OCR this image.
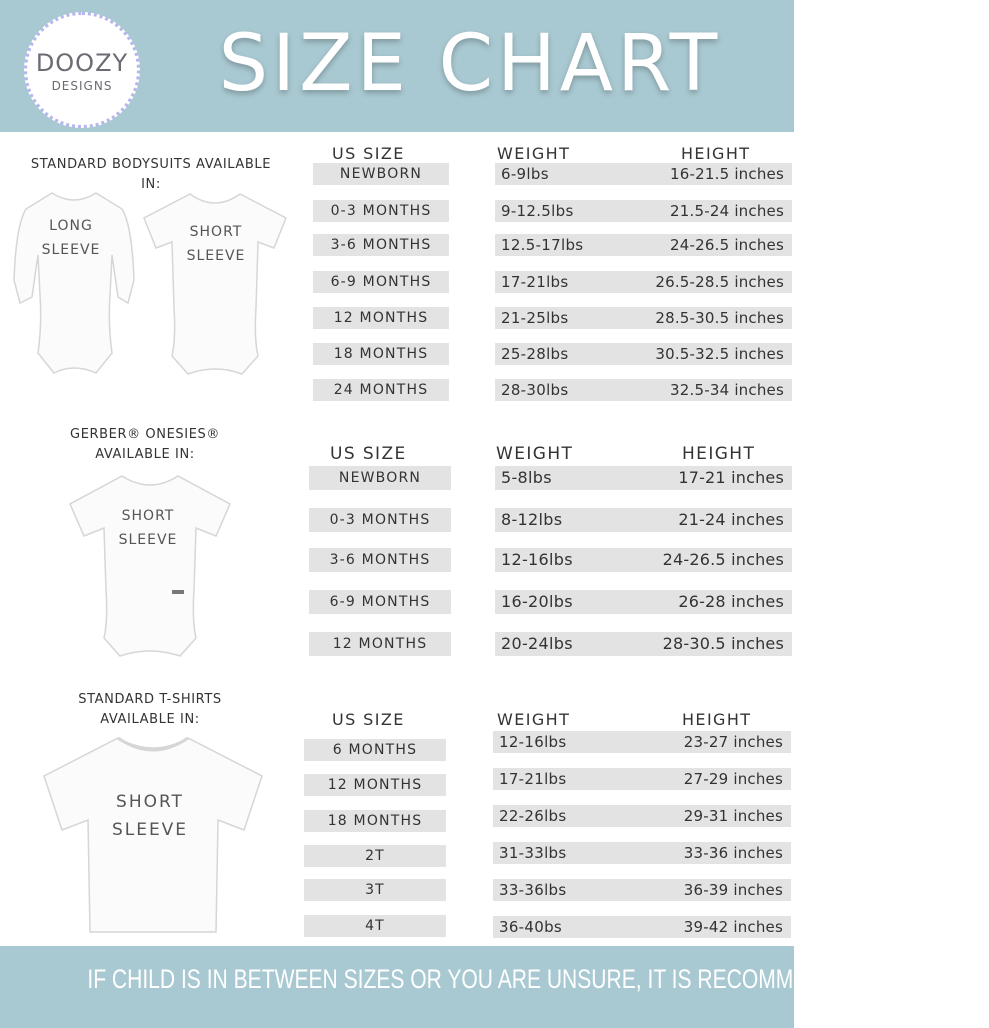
DOOZY
DESIGNS	SIZE CHART
STANDARD BODYSUITS AVAILABLE IN:
LONG
SLEEVE
SHORT
SLEEVE
US SIZE	WEIGHT	HEIGHT
NEWBORN	6-9lbs	16-21.5 inches
0-3 MONTHS	9-12.5lbs	21.5-24 inches
3-6 MONTHS	12.5-17lbs	24-26.5 inches
6-9 MONTHS	17-21lbs	26.5-28.5 inches
12 MONTHS	21-25lbs	28.5-30.5 inches
18 MONTHS	25-28lbs	30.5-32.5 inches
24 MONTHS	28-30lbs	32.5-34 inches
GERBER® ONESIES®
AVAILABLE IN:
SHORT
SLEEVE
US SIZE	WEIGHT	HEIGHT
NEWBORN	5-8lbs	17-21 inches
0-3 MONTHS	8-12lbs	21-24 inches
3-6 MONTHS	12-16lbs	24-26.5 inches
6-9 MONTHS	16-20lbs	26-28 inches
12 MONTHS	20-24lbs	28-30.5 inches
STANDARD T-SHIRTS
AVAILABLE IN:
SHORT
SLEEVE
US SIZE	WEIGHT	HEIGHT
6 MONTHS	12-16lbs	23-27 inches
12 MONTHS	17-21lbs	27-29 inches
18 MONTHS	22-26lbs	29-31 inches
2T	31-33lbs	33-36 inches
3T	33-36lbs	36-39 inches
4T	36-40bs	39-42 inches
IF CHILD IS IN BETWEEN SIZES OR YOU ARE UNSURE, IT IS RECOMMENDED TO SIZE UP
